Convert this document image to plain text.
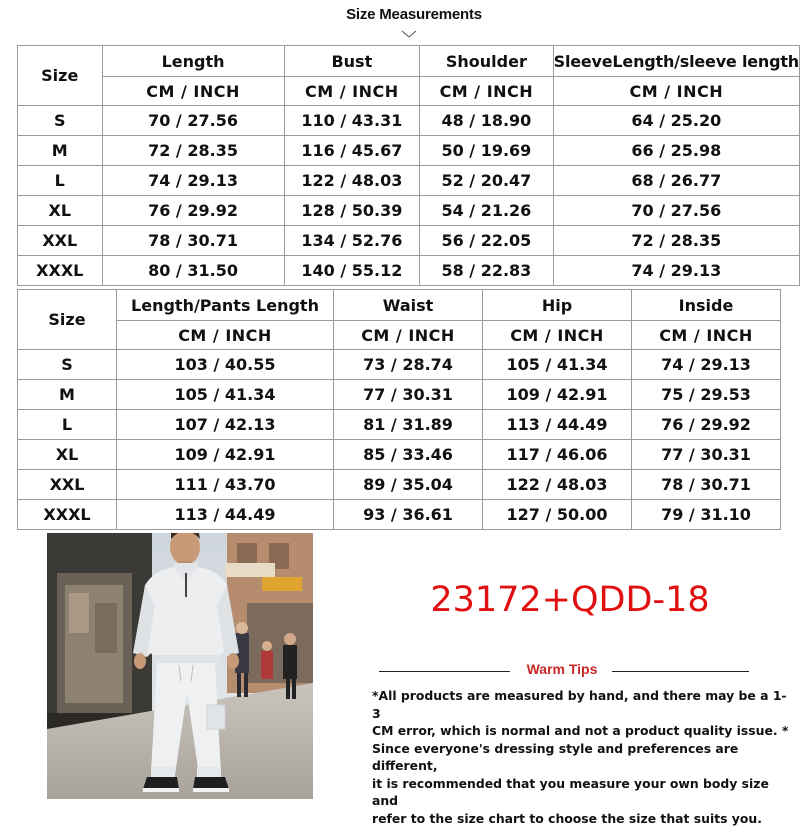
Size Measurements
Size	Length	Bust	Shoulder	SleeveLength/sleeve length
	CM / INCH	CM / INCH	CM / INCH	CM / INCH
S	70 / 27.56	110 / 43.31	48 / 18.90	64 / 25.20
M	72 / 28.35	116 / 45.67	50 / 19.69	66 / 25.98
L	74 / 29.13	122 / 48.03	52 / 20.47	68 / 26.77
XL	76 / 29.92	128 / 50.39	54 / 21.26	70 / 27.56
XXL	78 / 30.71	134 / 52.76	56 / 22.05	72 / 28.35
XXXL	80 / 31.50	140 / 55.12	58 / 22.83	74 / 29.13
Size	Length/Pants Length	Waist	Hip	Inside
	CM / INCH	CM / INCH	CM / INCH	CM / INCH
S	103 / 40.55	73 / 28.74	105 / 41.34	74 / 29.13
M	105 / 41.34	77 / 30.31	109 / 42.91	75 / 29.53
L	107 / 42.13	81 / 31.89	113 / 44.49	76 / 29.92
XL	109 / 42.91	85 / 33.46	117 / 46.06	77 / 30.31
XXL	111 / 43.70	89 / 35.04	122 / 48.03	78 / 30.71
XXXL	113 / 44.49	93 / 36.61	127 / 50.00	79 / 31.10
23172+QDD-18
Warm Tips
*All products are measured by hand, and there may be a 1-3
CM error, which is normal and not a product quality issue. *
Since everyone's dressing style and preferences are different,
it is recommended that you measure your own body size and
refer to the size chart to choose the size that suits you.
